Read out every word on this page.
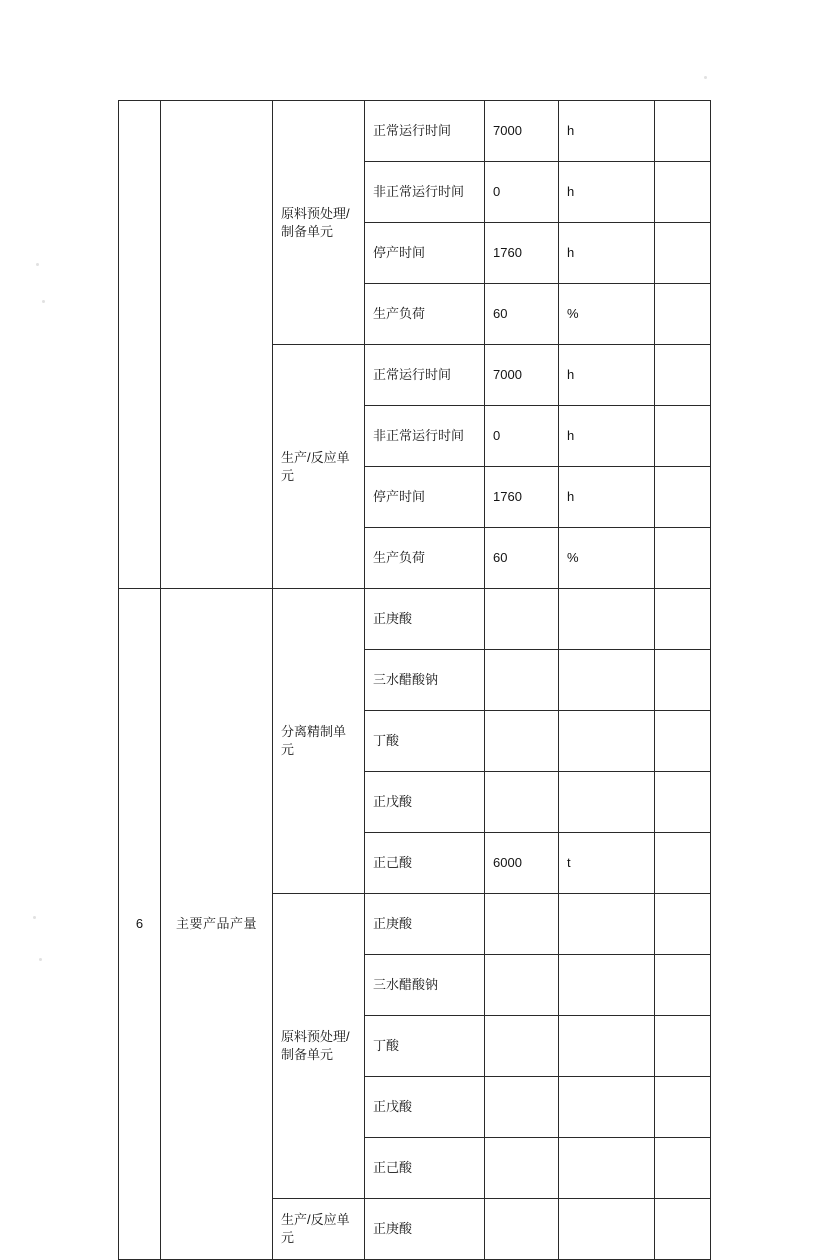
		原料预处理/制备单元	正常运行时间	7000	h	
			非正常运行时间	0	h	
			停产时间	1760	h	
			生产负荷	60	%	
		生产/反应单元	正常运行时间	7000	h	
			非正常运行时间	0	h	
			停产时间	1760	h	
			生产负荷	60	%	
6	主要产品产量	分离精制单元	正庚酸			
			三水醋酸钠			
			丁酸			
			正戊酸			
			正己酸	6000	t	
		原料预处理/制备单元	正庚酸			
			三水醋酸钠			
			丁酸			
			正戊酸			
			正己酸			
		生产/反应单元	正庚酸			
